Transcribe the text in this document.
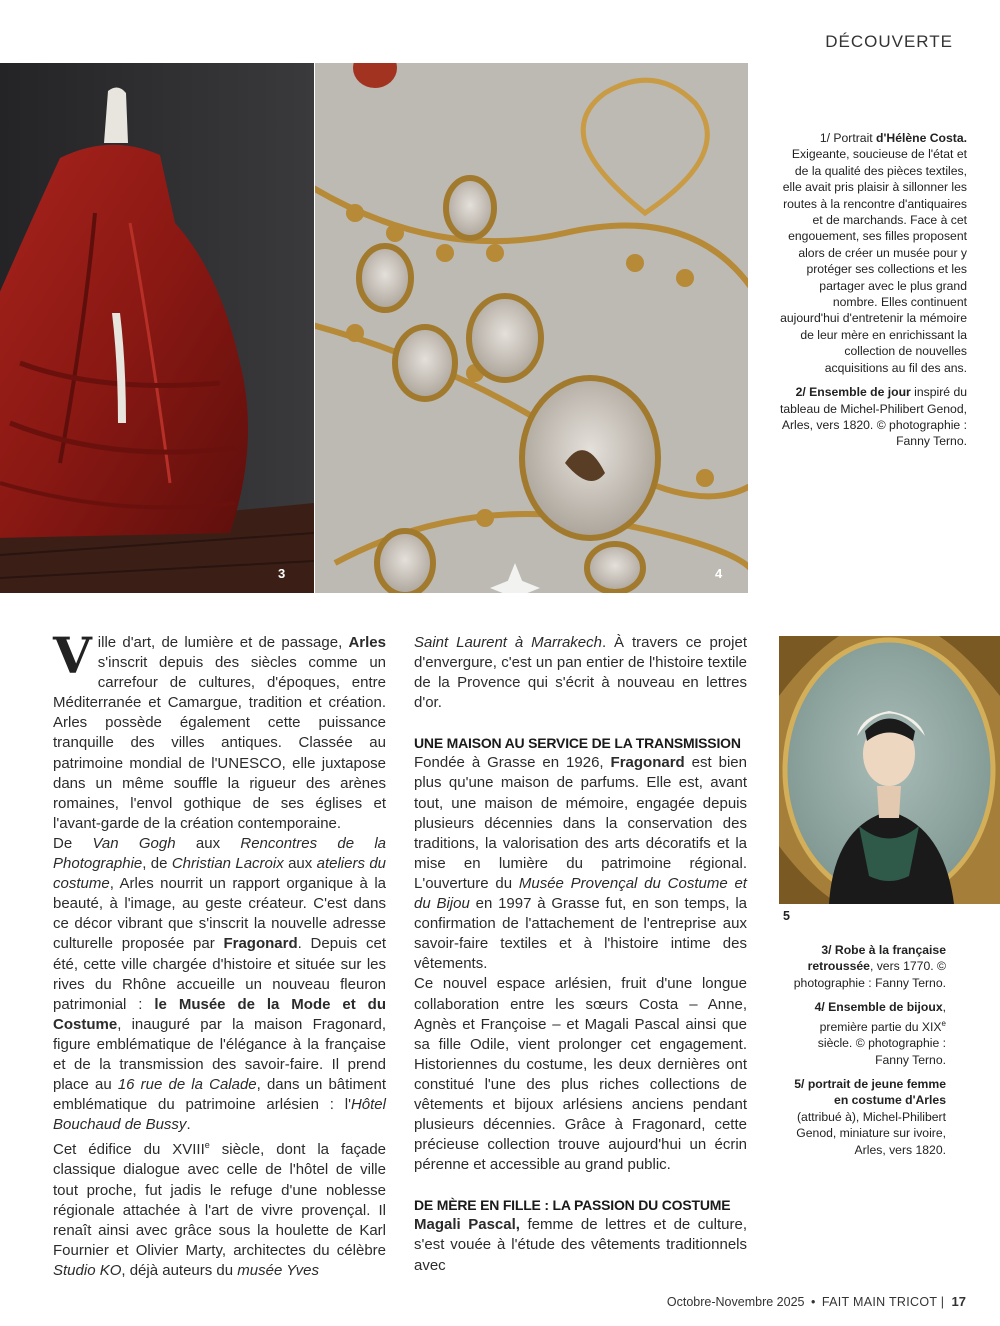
DÉCOUVERTE
3	4

1/ Portrait d'Hélène Costa.
Exigeante, soucieuse de l'état et de la qualité des pièces textiles, elle avait pris plaisir à sillonner les routes à la rencontre d'antiquaires et de marchands. Face à cet engouement, ses filles proposent alors de créer un musée pour y protéger ses collections et les partager avec le plus grand nombre. Elles continuent aujourd'hui d'entretenir la mémoire de leur mère en enrichissant la collection de nouvelles acquisitions au fil des ans.

2/ Ensemble de jour inspiré du tableau de Michel-Philibert Genod, Arles, vers 1820. © photographie : Fanny Terno.

5

3/ Robe à la française retroussée, vers 1770. © photographie : Fanny Terno.

4/ Ensemble de bijoux, première partie du XIXe siècle. © photographie : Fanny Terno.

5/ portrait de jeune femme en costume d'Arles (attribué à), Michel-Philibert Genod, miniature sur ivoire, Arles, vers 1820.

Ville d'art, de lumière et de passage, Arles s'inscrit depuis des siècles comme un carrefour de cultures, d'époques, entre Méditerranée et Camargue, tradition et création. Arles possède également cette puissance tranquille des villes antiques. Classée au patrimoine mondial de l'UNESCO, elle juxtapose dans un même souffle la rigueur des arènes romaines, l'envol gothique de ses églises et l'avant-garde de la création contemporaine.

De Van Gogh aux Rencontres de la Photographie, de Christian Lacroix aux ateliers du costume, Arles nourrit un rapport organique à la beauté, à l'image, au geste créateur. C'est dans ce décor vibrant que s'inscrit la nouvelle adresse culturelle proposée par Fragonard. Depuis cet été, cette ville chargée d'histoire et située sur les rives du Rhône accueille un nouveau fleuron patrimonial : le Musée de la Mode et du Costume, inauguré par la maison Fragonard, figure emblématique de l'élégance à la française et de la transmission des savoir-faire. Il prend place au 16 rue de la Calade, dans un bâtiment emblématique du patrimoine arlésien : l'Hôtel Bouchaud de Bussy.

Cet édifice du XVIIIe siècle, dont la façade classique dialogue avec celle de l'hôtel de ville tout proche, fut jadis le refuge d'une noblesse régionale attachée à l'art de vivre provençal. Il renaît ainsi avec grâce sous la houlette de Karl Fournier et Olivier Marty, architectes du célèbre Studio KO, déjà auteurs du musée Yves

Saint Laurent à Marrakech. À travers ce projet d'envergure, c'est un pan entier de l'histoire textile de la Provence qui s'écrit à nouveau en lettres d'or.

UNE MAISON AU SERVICE DE LA TRANSMISSION

Fondée à Grasse en 1926, Fragonard est bien plus qu'une maison de parfums. Elle est, avant tout, une maison de mémoire, engagée depuis plusieurs décennies dans la conservation des traditions, la valorisation des arts décoratifs et la mise en lumière du patrimoine régional. L'ouverture du Musée Provençal du Costume et du Bijou en 1997 à Grasse fut, en son temps, la confirmation de l'attachement de l'entreprise aux savoir-faire textiles et à l'histoire intime des vêtements.

Ce nouvel espace arlésien, fruit d'une longue collaboration entre les sœurs Costa – Anne, Agnès et Françoise – et Magali Pascal ainsi que sa fille Odile, vient prolonger cet engagement. Historiennes du costume, les deux dernières ont constitué l'une des plus riches collections de vêtements et bijoux arlésiens anciens pendant plusieurs décennies. Grâce à Fragonard, cette précieuse collection trouve aujourd'hui un écrin pérenne et accessible au grand public.

DE MÈRE EN FILLE : LA PASSION DU COSTUME

Magali Pascal, femme de lettres et de culture, s'est vouée à l'étude des vêtements traditionnels avec

Octobre-Novembre 2025 • FAIT MAIN TRICOT | 17
